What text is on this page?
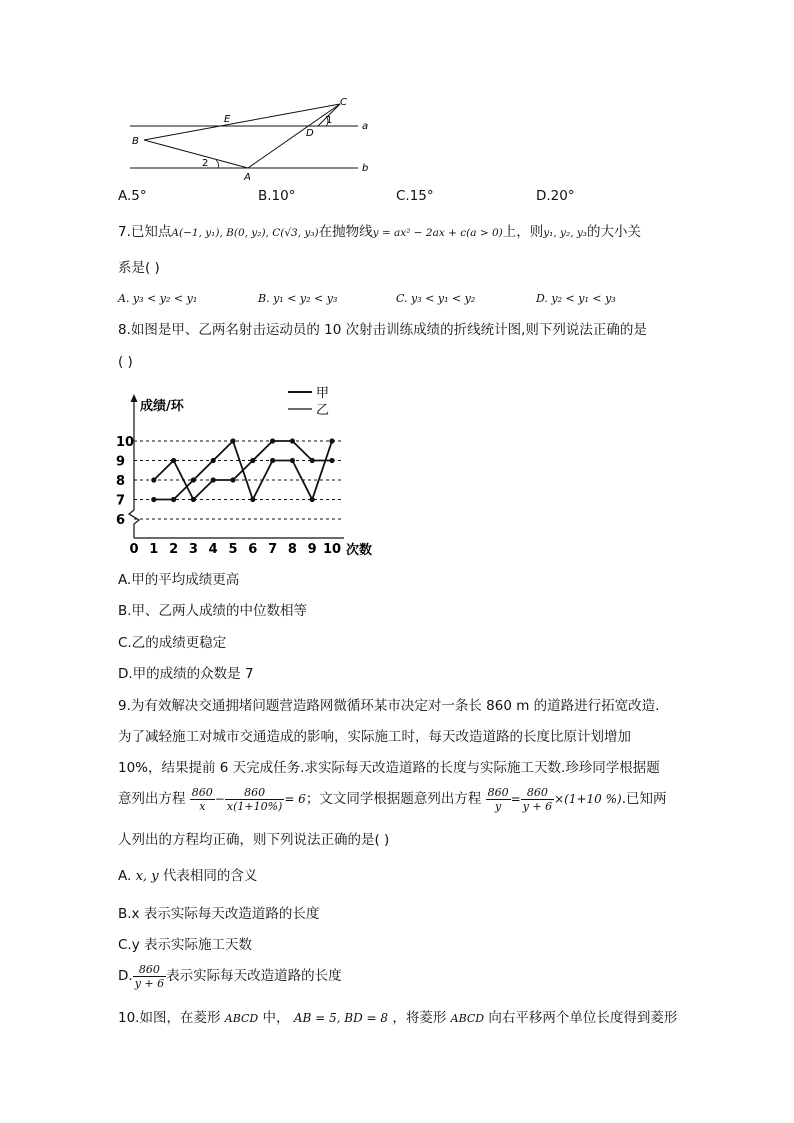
C
E	1
a
D
B
2
A
b
A.5°	B.10°	C.15°	D.20°
7.已知点A(−1, y₁), B(0, y₂), C(√3, y₃)在抛物线y = ax² − 2ax + c(a > 0)上，则y₁, y₂, y₃的大小关
系是( )
A. y₃ < y₂ < y₁	B. y₁ < y₂ < y₃	C. y₃ < y₁ < y₂	D. y₂ < y₁ < y₃
8.如图是甲、乙两名射击运动员的 10 次射击训练成绩的折线统计图,则下列说法正确的是
( )
成绩/环
次数
6
7
8
9
10
0 1 2 3 4 5 6 7 8 9 10
甲
乙
A.甲的平均成绩更高
B.甲、乙两人成绩的中位数相等
C.乙的成绩更稳定
D.甲的成绩的众数是 7
9.为有效解决交通拥堵问题营造路网微循环某市决定对一条长 860 m 的道路进行拓宽改造.
为了减轻施工对城市交通造成的影响，实际施工时，每天改造道路的长度比原计划增加
10%，结果提前 6 天完成任务.求实际每天改造道路的长度与实际施工天数.珍珍同学根据题
意列出方程 $\frac{860}{x} - \frac{860}{x(1+10\%)} = 6$；文文同学根据题意列出方程 $\frac{860}{y} = \frac{860}{y + 6} \times(1+10$ %).已知两
人列出的方程均正确，则下列说法正确的是( )
A. x, y 代表相同的含义
B.x 表示实际每天改造道路的长度
C.y 表示实际施工天数
D. $\frac{860}{y + 6}$ 表示实际每天改造道路的长度
10.如图，在菱形 ABCD 中， AB = 5, BD = 8 ，将菱形 ABCD 向右平移两个单位长度得到菱形
